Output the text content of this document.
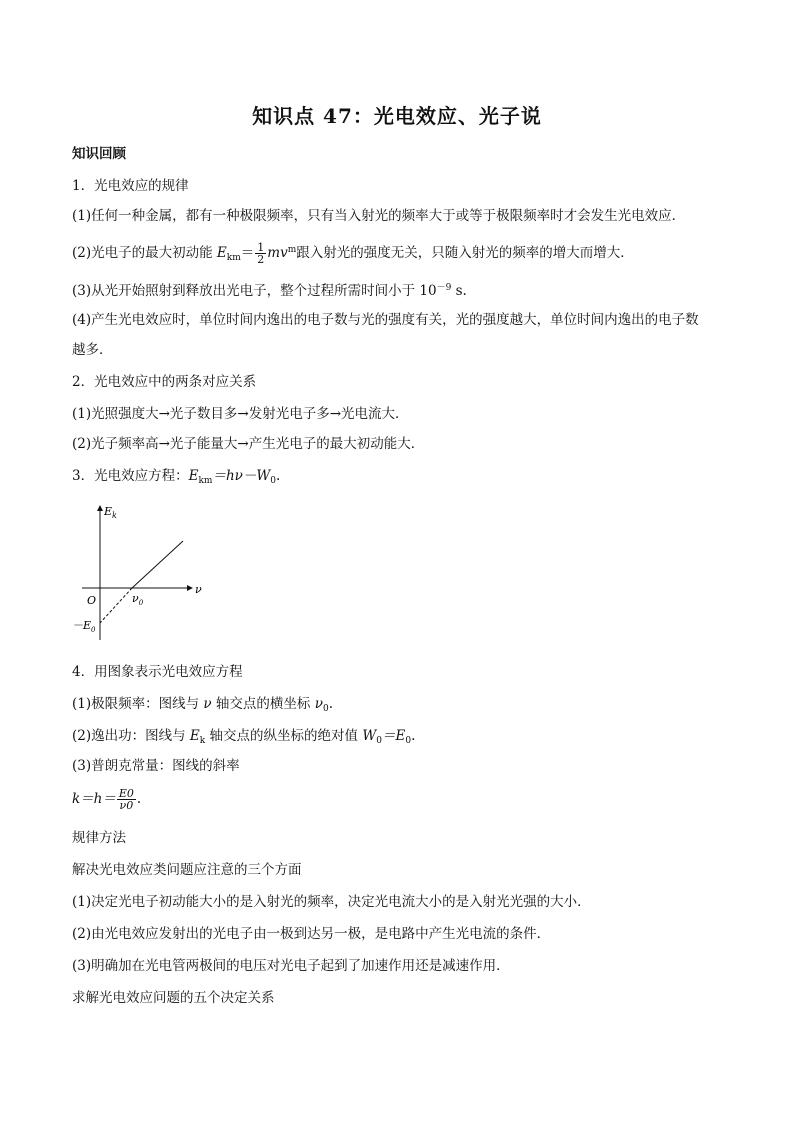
知识点 47：光电效应、光子说
知识回顾
1．光电效应的规律
(1)任何一种金属，都有一种极限频率，只有当入射光的频率大于或等于极限频率时才会发生光电效应．
(2)光电子的最大初动能 $E_{km}= \frac{1}{2} mv^m$跟入射光的强度无关，只随入射光的频率的增大而增大．
(3)从光开始照射到释放出光电子，整个过程所需时间小于 $10^{-9}$ s.
(4)产生光电效应时，单位时间内逸出的电子数与光的强度有关，光的强度越大，单位时间内逸出的电子数
越多．
2．光电效应中的两条对应关系
(1)光照强度大→光子数目多→发射光电子多→光电流大．
(2)光子频率高→光子能量大→产生光电子的最大初动能大．
3．光电效应方程：$E_{km}=h\nu-W_0$.
$E_k$
ν
O	$\nu_0$
$-E_0$
4．用图象表示光电效应方程
(1)极限频率：图线与 ν 轴交点的横坐标 $\nu_0$.
(2)逸出功：图线与 $E_k$ 轴交点的纵坐标的绝对值 $W_0=E_0$.
(3)普朗克常量：图线的斜率
$k=h= \frac{E0}{\nu 0}$ .
规律方法
解决光电效应类问题应注意的三个方面
(1)决定光电子初动能大小的是入射光的频率，决定光电流大小的是入射光光强的大小．
(2)由光电效应发射出的光电子由一极到达另一极，是电路中产生光电流的条件．
(3)明确加在光电管两极间的电压对光电子起到了加速作用还是减速作用．
求解光电效应问题的五个决定关系
